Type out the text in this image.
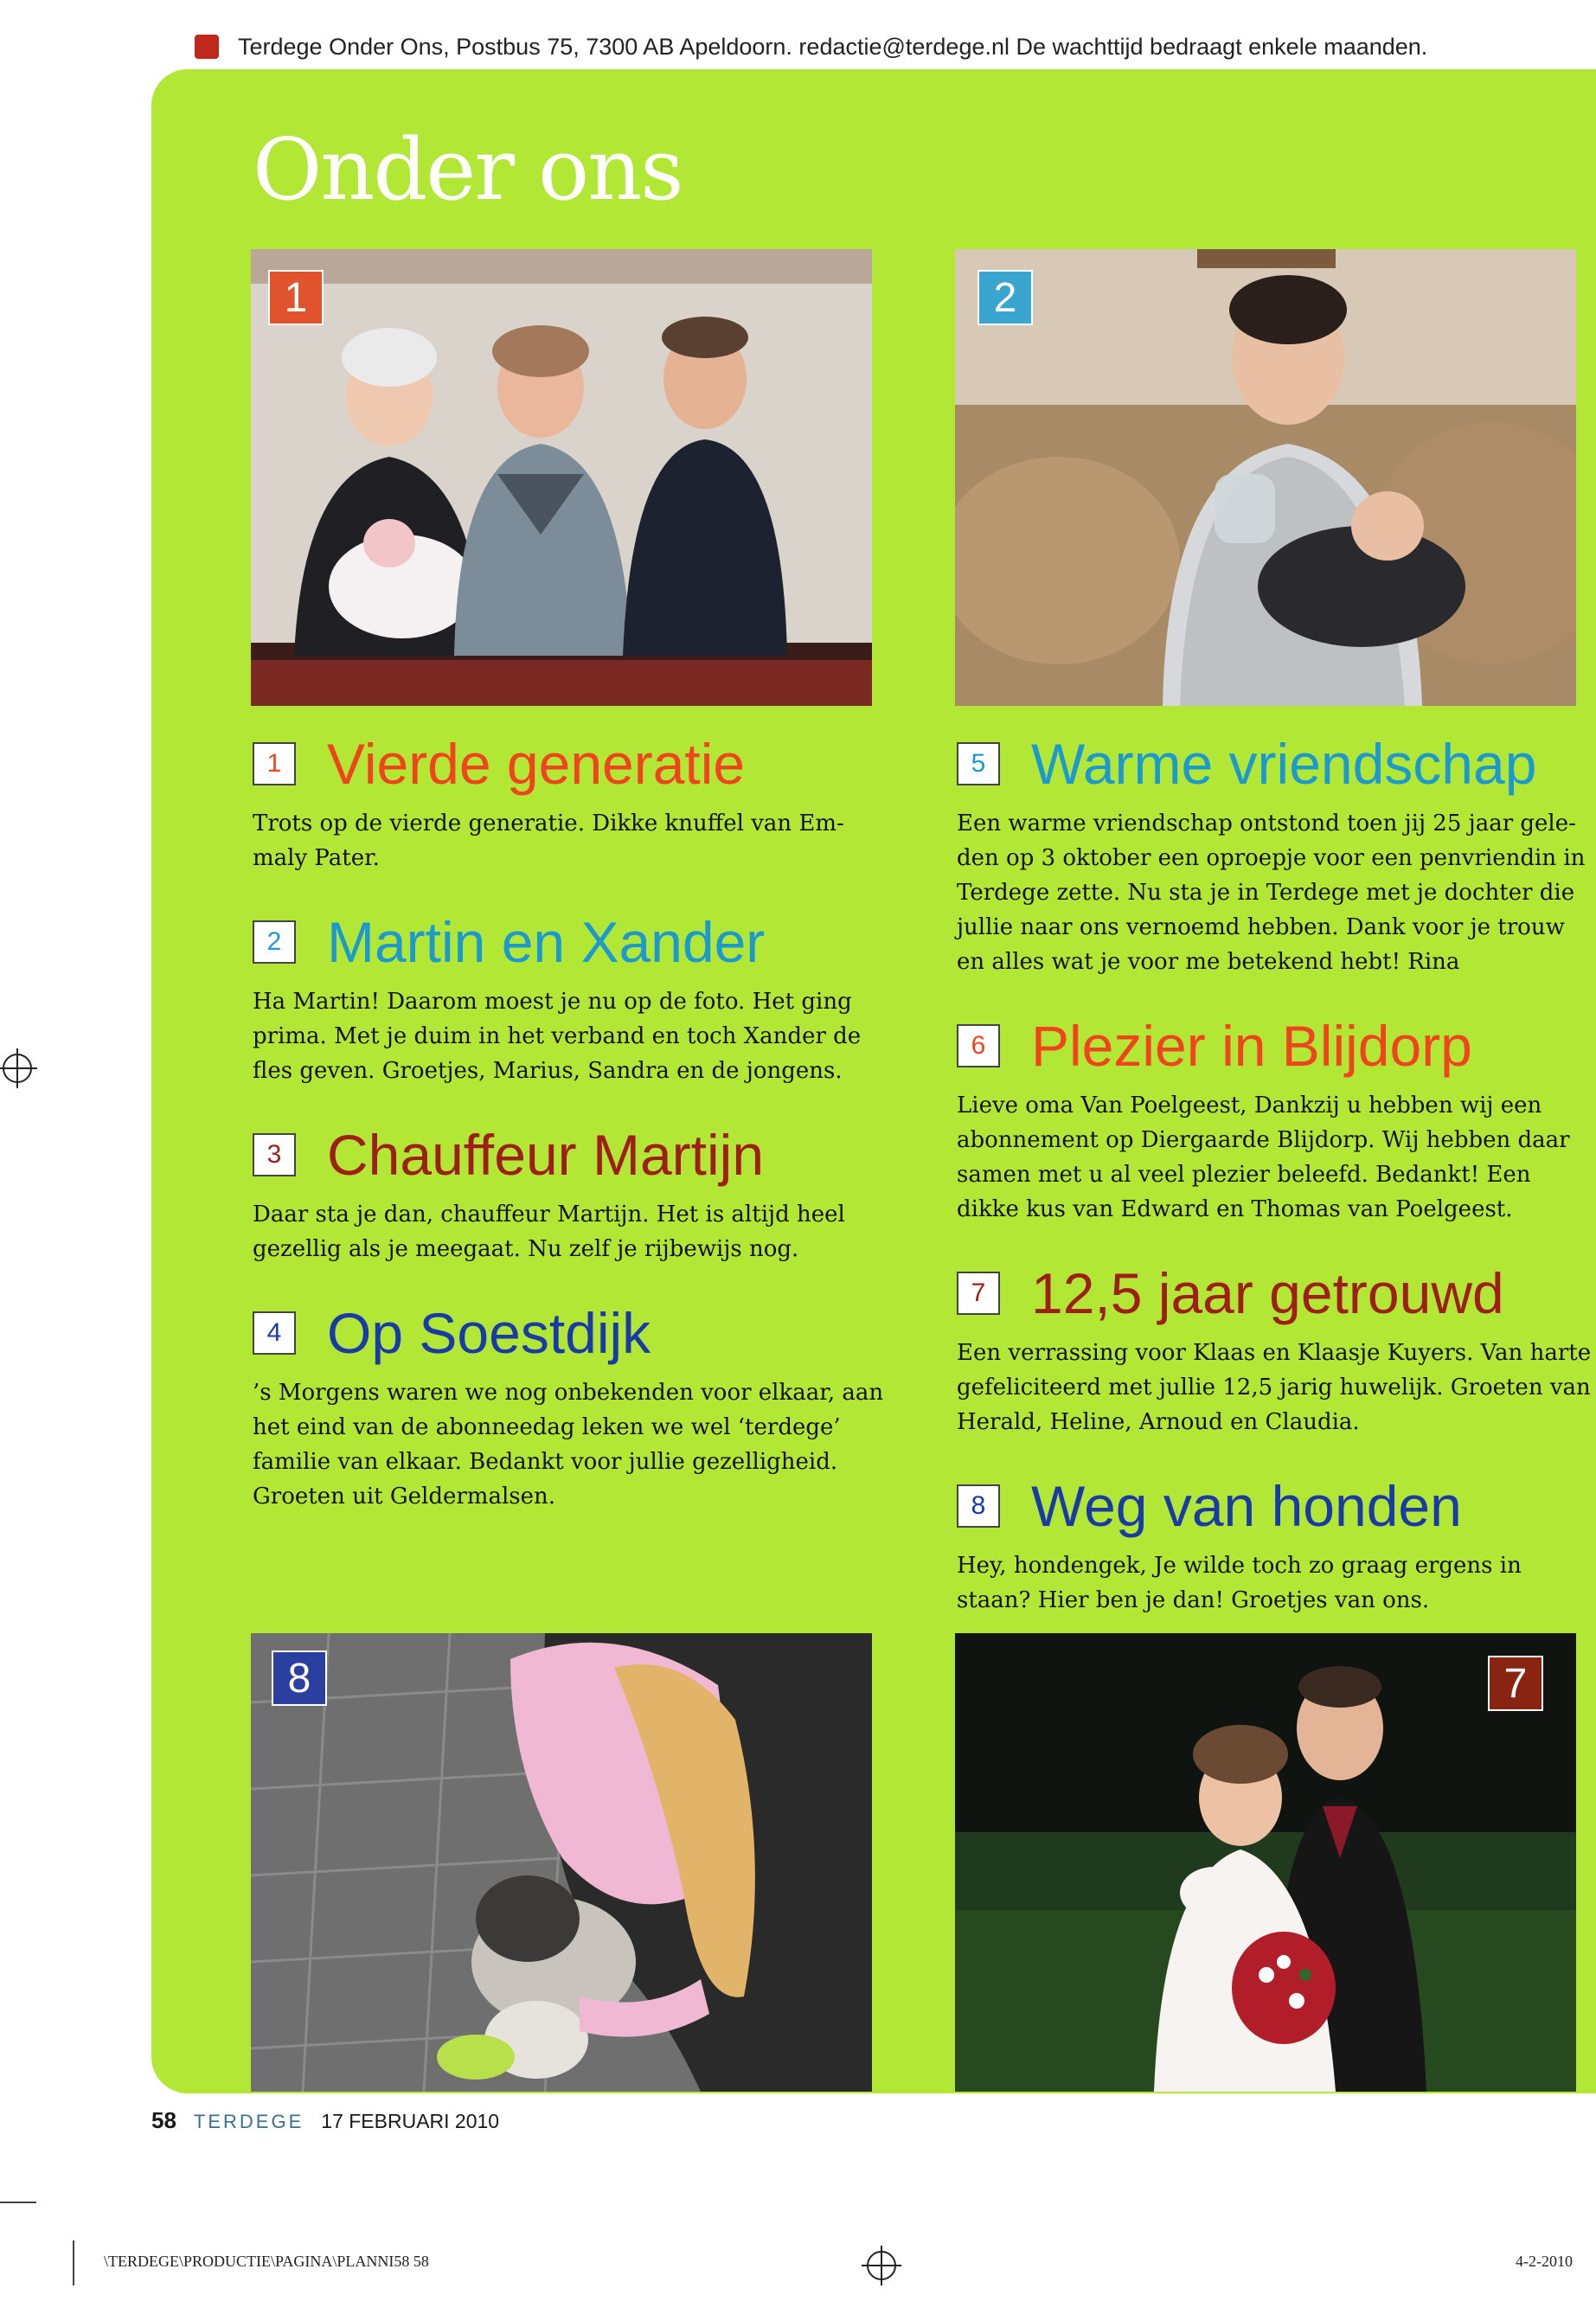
Terdege Onder Ons, Postbus 75, 7300 AB Apeldoorn. redactie@terdege.nl De wachttijd bedraagt enkele maanden.
Onder ons
1	2
1 Vierde generatie

Trots op de vierde generatie. Dikke knuffel van Em- maly Pater.

2 Martin en Xander

Ha Martin! Daarom moest je nu op de foto. Het ging prima. Met je duim in het verband en toch Xander de fles geven. Groetjes, Marius, Sandra en de jongens.

3 Chauffeur Martijn

Daar sta je dan, chauffeur Martijn. Het is altijd heel gezellig als je meegaat. Nu zelf je rijbewijs nog.

4 Op Soestdijk

’s Morgens waren we nog onbekenden voor elkaar, aan het eind van de abonneedag leken we wel ‘terdege’ familie van elkaar. Bedankt voor jullie gezelligheid. Groeten uit Geldermalsen.

5 Warme vriendschap

Een warme vriendschap ontstond toen jij 25 jaar gele- den op 3 oktober een oproepje voor een penvriendin in Terdege zette. Nu sta je in Terdege met je dochter die jullie naar ons vernoemd hebben. Dank voor je trouw en alles wat je voor me betekend hebt! Rina

6 Plezier in Blijdorp

Lieve oma Van Poelgeest, Dankzij u hebben wij een abonnement op Diergaarde Blijdorp. Wij hebben daar samen met u al veel plezier beleefd. Bedankt! Een dikke kus van Edward en Thomas van Poelgeest.

7 12,5 jaar getrouwd

Een verrassing voor Klaas en Klaasje Kuyers. Van harte gefeliciteerd met jullie 12,5 jarig huwelijk. Groeten van Herald, Heline, Arnoud en Claudia.

8 Weg van honden

Hey, hondengek, Je wilde toch zo graag ergens in staan? Hier ben je dan! Groetjes van ons.

8	7
58 TERDEGE 17 FEBRUARI 2010
\TERDEGE\PRODUCTIE\PAGINA\PLANNI58 58	4-2-2010
